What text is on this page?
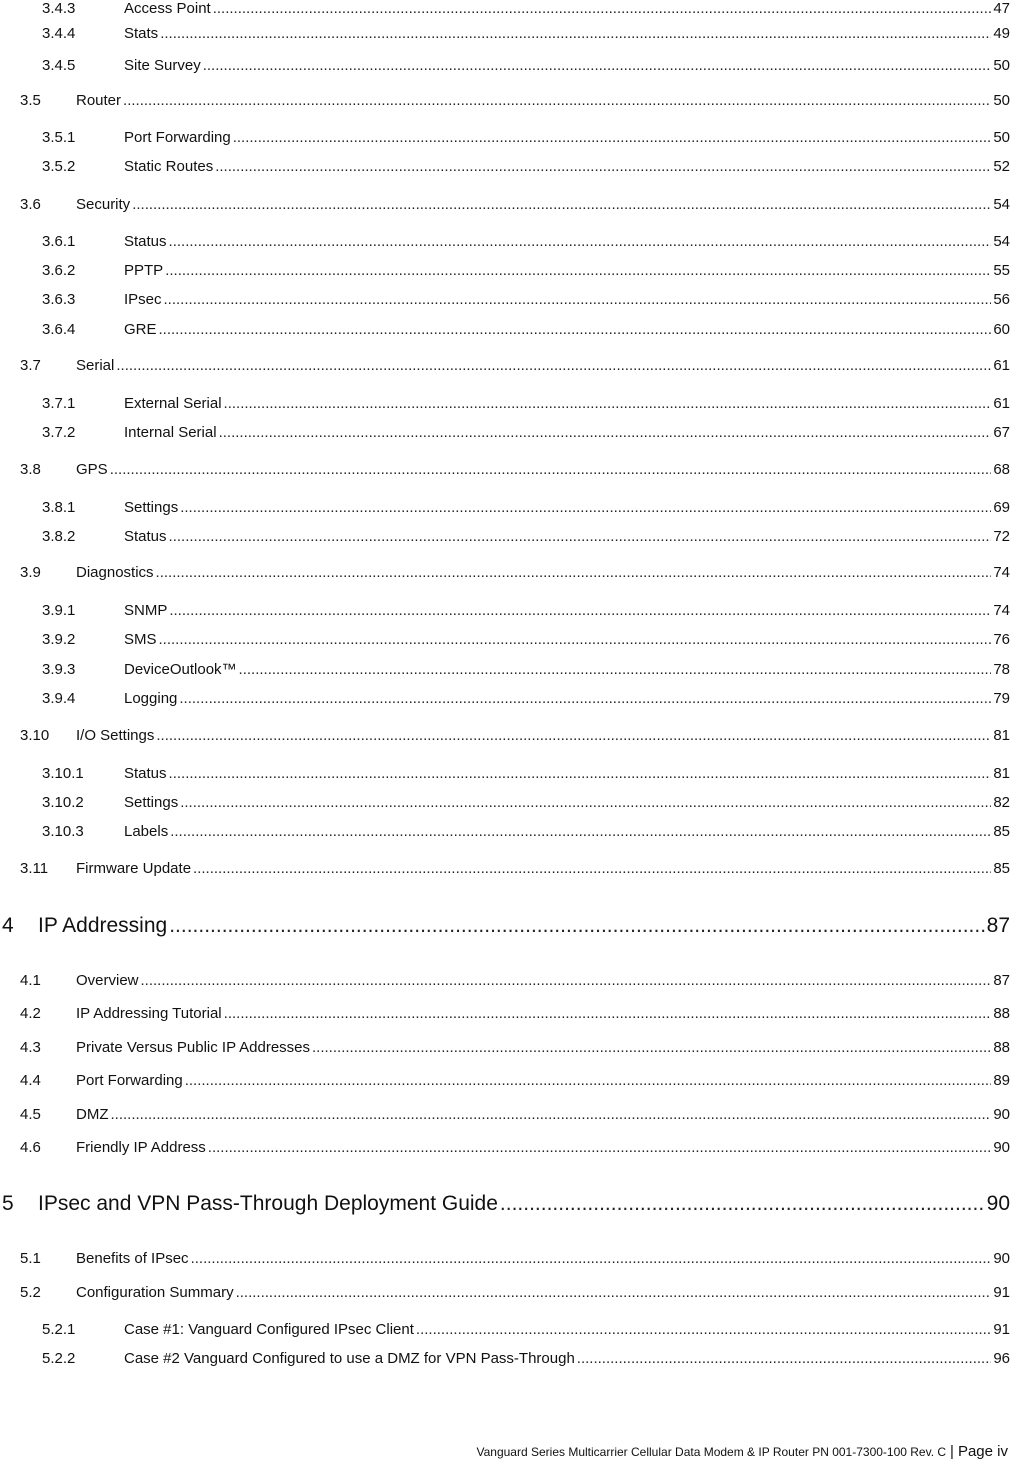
3.4.3	Access Point .....	47
3.4.4	Stats .....	49
3.4.5	Site Survey .....	50
3.5	Router .....	50
3.5.1	Port Forwarding .....	50
3.5.2	Static Routes .....	52
3.6	Security .....	54
3.6.1	Status .....	54
3.6.2	PPTP .....	55
3.6.3	IPsec .....	56
3.6.4	GRE .....	60
3.7	Serial .....	61
3.7.1	External Serial .....	61
3.7.2	Internal Serial .....	67
3.8	GPS .....	68
3.8.1	Settings .....	69
3.8.2	Status .....	72
3.9	Diagnostics .....	74
3.9.1	SNMP .....	74
3.9.2	SMS .....	76
3.9.3	DeviceOutlook™ .....	78
3.9.4	Logging .....	79
3.10	I/O Settings .....	81
3.10.1	Status .....	81
3.10.2	Settings .....	82
3.10.3	Labels .....	85
3.11	Firmware Update .....	85
4	IP Addressing .....	87
4.1	Overview .....	87
4.2	IP Addressing Tutorial .....	88
4.3	Private Versus Public IP Addresses .....	88
4.4	Port Forwarding .....	89
4.5	DMZ .....	90
4.6	Friendly IP Address .....	90
5	IPsec and VPN Pass-Through Deployment Guide .....	90
5.1	Benefits of IPsec .....	90
5.2	Configuration Summary .....	91
5.2.1	Case #1: Vanguard Configured IPsec Client .....	91
5.2.2	Case #2 Vanguard Configured to use a DMZ for VPN Pass-Through .....	96
Vanguard Series Multicarrier Cellular Data Modem & IP Router PN 001-7300-100 Rev. C | Page iv
